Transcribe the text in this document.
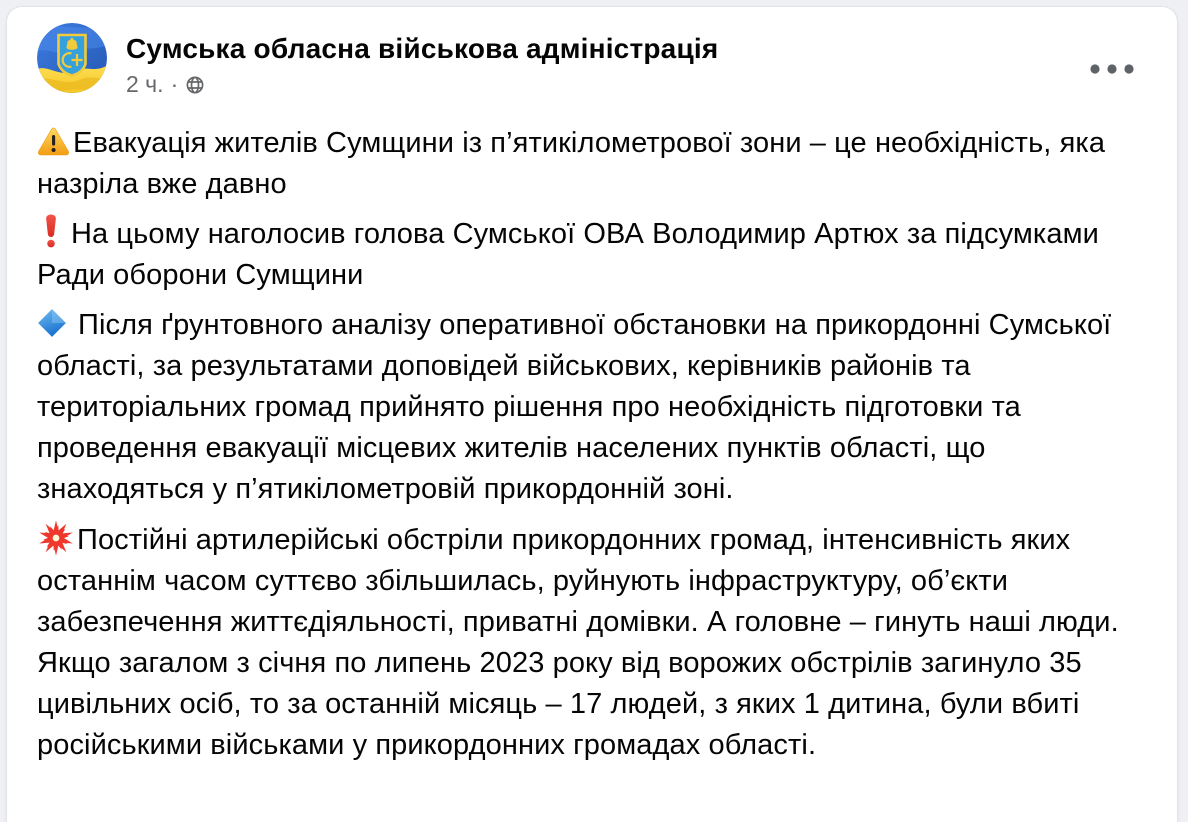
Сумська обласна військова адміністрація
2 ч. ·

Евакуація жителів Сумщини із п’ятикілометрової зони – це необхідність, яка назріла вже давно

На цьому наголосив голова Сумської ОВА Володимир Артюх за підсумками Ради оборони Сумщини

Після ґрунтовного аналізу оперативної обстановки на прикордонні Сумської області, за результатами доповідей військових, керівників районів та територіальних громад прийнято рішення про необхідність підготовки та проведення евакуації місцевих жителів населених пунктів області, що знаходяться у п’ятикілометровій прикордонній зоні.

Постійні артилерійські обстріли прикордонних громад, інтенсивність яких останнім часом суттєво збільшилась, руйнують інфраструктуру, об’єкти забезпечення життєдіяльності, приватні домівки. А головне – гинуть наші люди. Якщо загалом з січня по липень 2023 року від ворожих обстрілів загинуло 35 цивільних осіб, то за останній місяць – 17 людей, з яких 1 дитина, були вбиті російськими військами у прикордонних громадах області.
